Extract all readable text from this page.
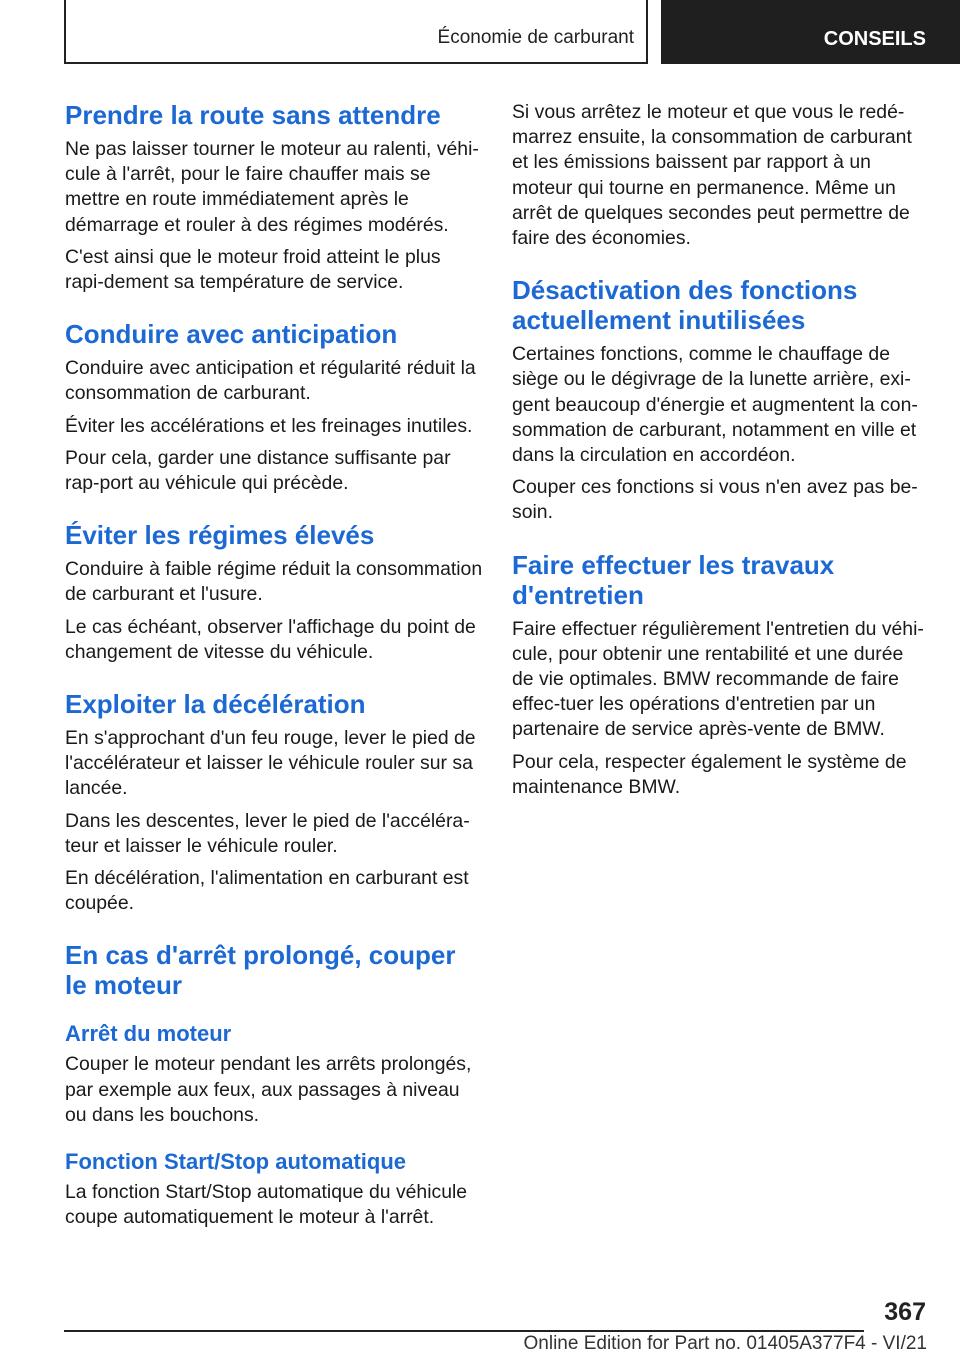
Économie de carburant	CONSEILS
Prendre la route sans attendre

Ne pas laisser tourner le moteur au ralenti, véhi-cule à l'arrêt, pour le faire chauffer mais se mettre en route immédiatement après le démarrage et rouler à des régimes modérés.

C'est ainsi que le moteur froid atteint le plus rapi-dement sa température de service.

Conduire avec anticipation

Conduire avec anticipation et régularité réduit la consommation de carburant.

Éviter les accélérations et les freinages inutiles.

Pour cela, garder une distance suffisante par rap-port au véhicule qui précède.

Éviter les régimes élevés

Conduire à faible régime réduit la consommation de carburant et l'usure.

Le cas échéant, observer l'affichage du point de changement de vitesse du véhicule.

Exploiter la décélération

En s'approchant d'un feu rouge, lever le pied de l'accélérateur et laisser le véhicule rouler sur sa lancée.

Dans les descentes, lever le pied de l'accéléra-teur et laisser le véhicule rouler.

En décélération, l'alimentation en carburant est coupée.

En cas d'arrêt prolongé, couper le moteur
Arrêt du moteur

Couper le moteur pendant les arrêts prolongés, par exemple aux feux, aux passages à niveau ou dans les bouchons.

Fonction Start/Stop automatique

La fonction Start/Stop automatique du véhicule coupe automatiquement le moteur à l'arrêt.

Si vous arrêtez le moteur et que vous le redé-marrez ensuite, la consommation de carburant et les émissions baissent par rapport à un moteur qui tourne en permanence. Même un arrêt de quelques secondes peut permettre de faire des économies.

Désactivation des fonctions actuellement inutilisées

Certaines fonctions, comme le chauffage de siège ou le dégivrage de la lunette arrière, exi-gent beaucoup d'énergie et augmentent la con-sommation de carburant, notamment en ville et dans la circulation en accordéon.

Couper ces fonctions si vous n'en avez pas be-soin.

Faire effectuer les travaux d'entretien

Faire effectuer régulièrement l'entretien du véhi-cule, pour obtenir une rentabilité et une durée de vie optimales. BMW recommande de faire effec-tuer les opérations d'entretien par un partenaire de service après-vente de BMW.

Pour cela, respecter également le système de maintenance BMW.

367
Online Edition for Part no. 01405A377F4 - VI/21
